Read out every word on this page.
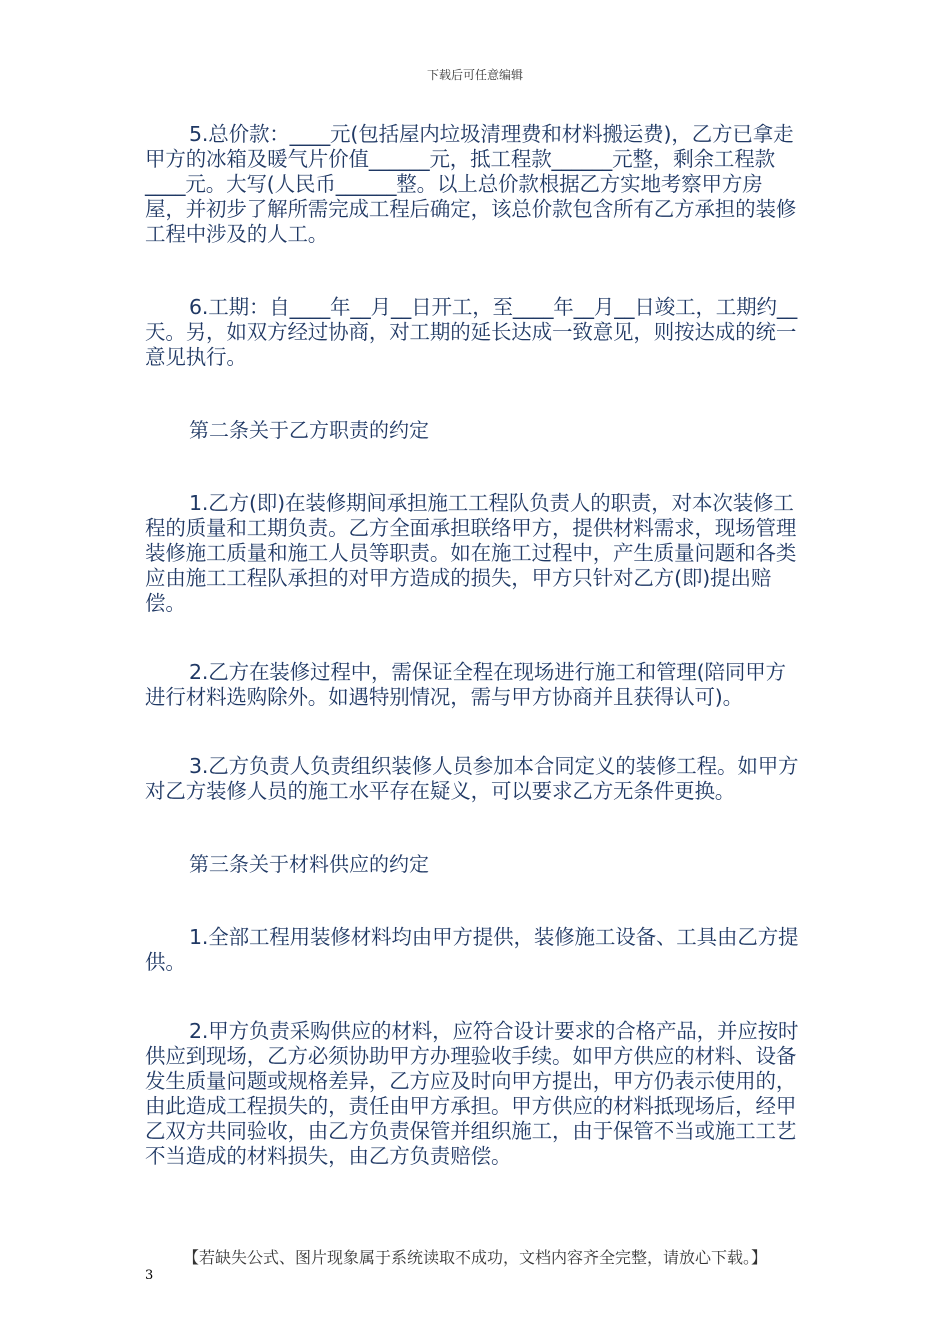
下载后可任意编辑

5.总价款：____元(包括屋内垃圾清理费和材料搬运费)，乙方已拿走甲方的冰箱及暖气片价值______元，抵工程款______元整，剩余工程款____元。大写(人民币______整。以上总价款根据乙方实地考察甲方房屋，并初步了解所需完成工程后确定，该总价款包含所有乙方承担的装修工程中涉及的人工。

6.工期：自____年__月__日开工，至____年__月__日竣工，工期约__天。另，如双方经过协商，对工期的延长达成一致意见，则按达成的统一意见执行。

第二条关于乙方职责的约定

1.乙方(即)在装修期间承担施工工程队负责人的职责，对本次装修工程的质量和工期负责。乙方全面承担联络甲方，提供材料需求，现场管理装修施工质量和施工人员等职责。如在施工过程中，产生质量问题和各类应由施工工程队承担的对甲方造成的损失，甲方只针对乙方(即)提出赔偿。

2.乙方在装修过程中，需保证全程在现场进行施工和管理(陪同甲方进行材料选购除外。如遇特别情况，需与甲方协商并且获得认可)。

3.乙方负责人负责组织装修人员参加本合同定义的装修工程。如甲方对乙方装修人员的施工水平存在疑义，可以要求乙方无条件更换。

第三条关于材料供应的约定

1.全部工程用装修材料均由甲方提供，装修施工设备、工具由乙方提供。

2.甲方负责采购供应的材料，应符合设计要求的合格产品，并应按时供应到现场，乙方必须协助甲方办理验收手续。如甲方供应的材料、设备发生质量问题或规格差异，乙方应及时向甲方提出，甲方仍表示使用的，由此造成工程损失的，责任由甲方承担。甲方供应的材料抵现场后，经甲乙双方共同验收，由乙方负责保管并组织施工，由于保管不当或施工工艺不当造成的材料损失，由乙方负责赔偿。

【若缺失公式、图片现象属于系统读取不成功，文档内容齐全完整，请放心下载。】
3
